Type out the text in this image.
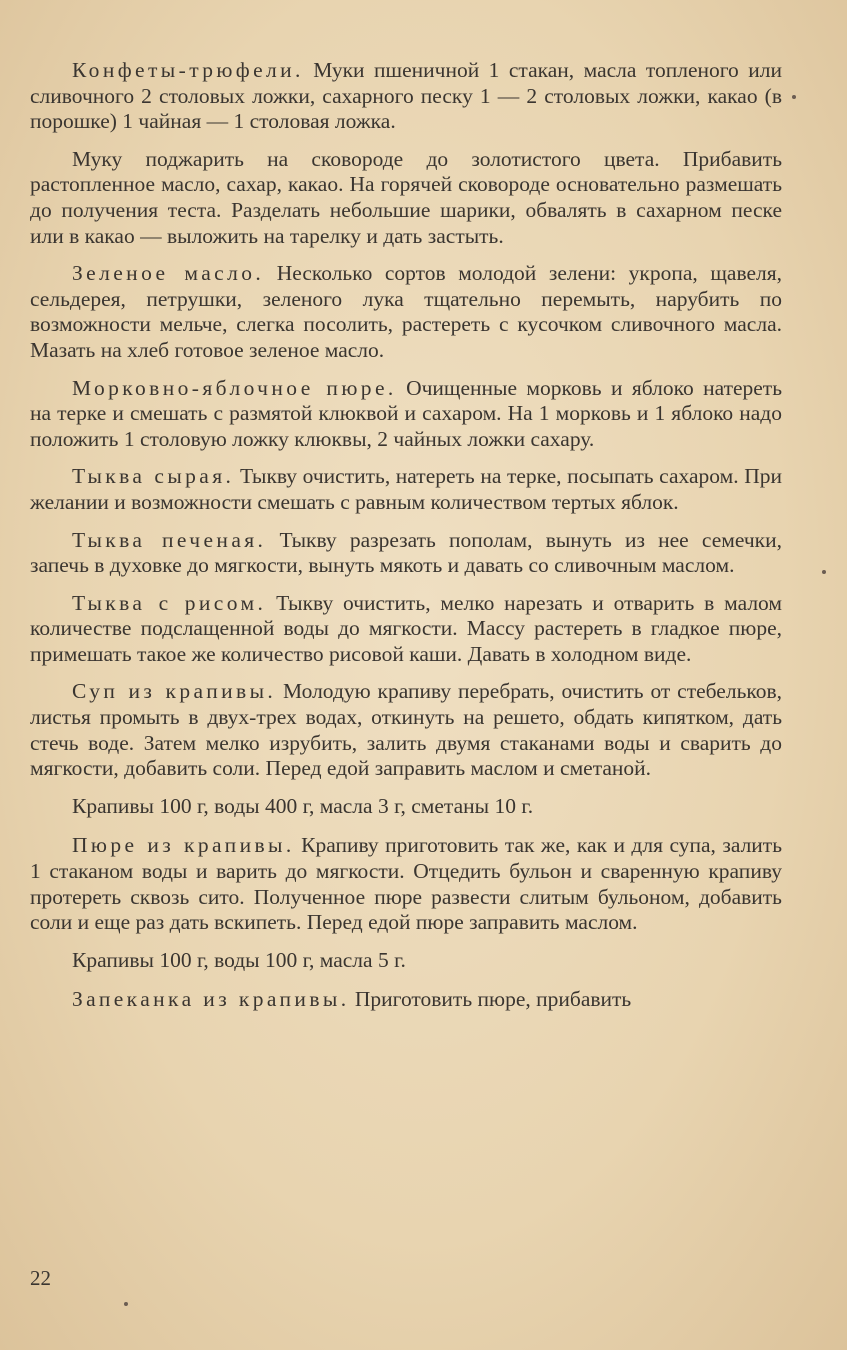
Конфеты-трюфели. Муки пшеничной 1 стакан, масла топленого или сливочного 2 столовых ложки, сахарного песку 1 — 2 столовых ложки, какао (в порошке) 1 чайная — 1 столовая ложка.

Муку поджарить на сковороде до золотистого цвета. Прибавить растопленное масло, сахар, какао. На горячей сковороде основательно размешать до получения теста. Разделать небольшие шарики, обвалять в сахарном песке или в какао — выложить на тарелку и дать застыть.

Зеленое масло. Несколько сортов молодой зелени: укропа, щавеля, сельдерея, петрушки, зеленого лука тщательно перемыть, нарубить по возможности мельче, слегка посолить, растереть с кусочком сливочного масла. Мазать на хлеб готовое зеленое масло.

Морковно-яблочное пюре. Очищенные морковь и яблоко натереть на терке и смешать с размятой клюквой и сахаром. На 1 морковь и 1 яблоко надо положить 1 столовую ложку клюквы, 2 чайных ложки сахару.

Тыква сырая. Тыкву очистить, натереть на терке, посыпать сахаром. При желании и возможности смешать с равным количеством тертых яблок.

Тыква печеная. Тыкву разрезать пополам, вынуть из нее семечки, запечь в духовке до мягкости, вынуть мякоть и давать со сливочным маслом.

Тыква с рисом. Тыкву очистить, мелко нарезать и отварить в малом количестве подслащенной воды до мягкости. Массу растереть в гладкое пюре, примешать такое же количество рисовой каши. Давать в холодном виде.

Суп из крапивы. Молодую крапиву перебрать, очистить от стебельков, листья промыть в двух-трех водах, откинуть на решето, обдать кипятком, дать стечь воде. Затем мелко изрубить, залить двумя стаканами воды и сварить до мягкости, добавить соли. Перед едой заправить маслом и сметаной.

Крапивы 100 г, воды 400 г, масла 3 г, сметаны 10 г.

Пюре из крапивы. Крапиву приготовить так же, как и для супа, залить 1 стаканом воды и варить до мягкости. Отцедить бульон и сваренную крапиву протереть сквозь сито. Полученное пюре развести слитым бульоном, добавить соли и еще раз дать вскипеть. Перед едой пюре заправить маслом.

Крапивы 100 г, воды 100 г, масла 5 г.

Запеканка из крапивы. Приготовить пюре, прибавить

22
